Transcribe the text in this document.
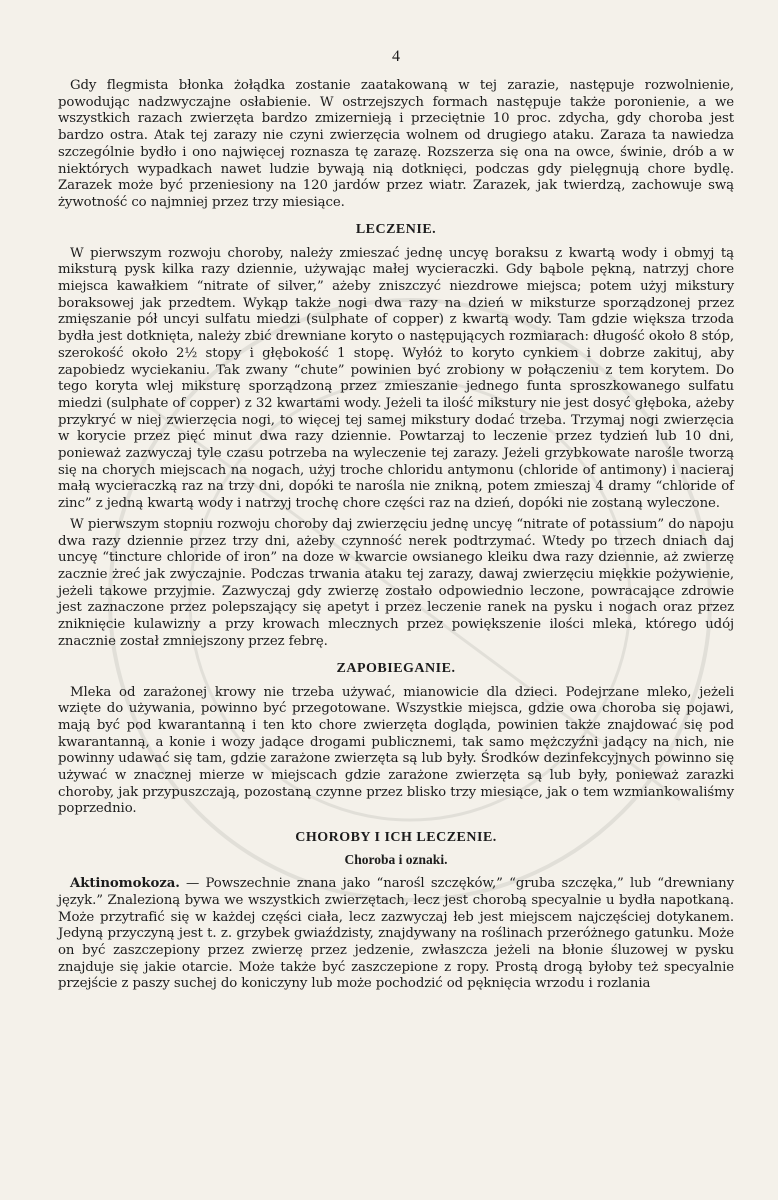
4

Gdy flegmista błonka żołądka zostanie zaatakowaną w tej zarazie, następuje rozwolnienie, powodując nadzwyczajne osłabienie. W ostrzejszych formach następuje także poronienie, a we wszystkich razach zwierzęta bardzo zmizernieją i przeciętnie 10 proc. zdycha, gdy choroba jest bardzo ostra. Atak tej zarazy nie czyni zwierzęcia wolnem od drugiego ataku. Zaraza ta nawiedza szczególnie bydło i ono najwięcej roznasza tę zarazę. Rozszerza się ona na owce, świnie, drób a w niektórych wypadkach nawet ludzie bywają nią dotknięci, podczas gdy pielęgnują chore bydlę. Zarazek może być przeniesiony na 120 jardów przez wiatr. Zarazek, jak twierdzą, zachowuje swą żywotność co najmniej przez trzy miesiące.

LECZENIE.

W pierwszym rozwoju choroby, należy zmieszać jednę uncyę boraksu z kwartą wody i obmyj tą miksturą pysk kilka razy dziennie, używając małej wycieraczki. Gdy bąbole pękną, natrzyj chore miejsca kawałkiem “nitrate of silver,” ażeby zniszczyć niezdrowe miejsca; potem użyj mikstury boraksowej jak przedtem. Wykąp także nogi dwa razy na dzień w miksturze sporządzonej przez zmięszanie pół uncyi sulfatu miedzi (sulphate of copper) z kwartą wody. Tam gdzie większa trzoda bydła jest dotknięta, należy zbić drewniane koryto o następujących rozmiarach: długość około 8 stóp, szerokość około 2½ stopy i głębokość 1 stopę. Wyłóż to koryto cynkiem i dobrze zakituj, aby zapobiedz wyciekaniu. Tak zwany “chute” powinien być zrobiony w połączeniu z tem korytem. Do tego koryta wlej miksturę sporządzoną przez zmieszanie jednego funta sproszkowanego sulfatu miedzi (sulphate of copper) z 32 kwartami wody. Jeżeli ta ilość mikstury nie jest dosyć głęboka, ażeby przykryć w niej zwierzęcia nogi, to więcej tej samej mikstury dodać trzeba. Trzymaj nogi zwierzęcia w korycie przez pięć minut dwa razy dziennie. Powtarzaj to leczenie przez tydzień lub 10 dni, ponieważ zazwyczaj tyle czasu potrzeba na wyleczenie tej zarazy. Jeżeli grzybkowate narośle tworzą się na chorych miejscach na nogach, użyj troche chloridu antymonu (chloride of antimony) i nacieraj małą wycieraczką raz na trzy dni, dopóki te narośla nie znikną, potem zmieszaj 4 dramy “chloride of zinc” z jedną kwartą wody i natrzyj trochę chore części raz na dzień, dopóki nie zostaną wyleczone.

W pierwszym stopniu rozwoju choroby daj zwierzęciu jednę uncyę “nitrate of potassium” do napoju dwa razy dziennie przez trzy dni, ażeby czynność nerek podtrzymać. Wtedy po trzech dniach daj uncyę “tincture chloride of iron” na doze w kwarcie owsianego kleiku dwa razy dziennie, aż zwierzę zacznie żreć jak zwyczajnie. Podczas trwania ataku tej zarazy, dawaj zwierzęciu miękkie pożywienie, jeżeli takowe przyjmie. Zazwyczaj gdy zwierzę zostało odpowiednio leczone, powracające zdrowie jest zaznaczone przez polepszający się apetyt i przez leczenie ranek na pysku i nogach oraz przez zniknięcie kulawizny a przy krowach mlecznych przez powiększenie ilości mleka, którego udój znacznie został zmniejszony przez febrę.

ZAPOBIEGANIE.

Mleka od zarażonej krowy nie trzeba używać, mianowicie dla dzieci. Podejrzane mleko, jeżeli wzięte do używania, powinno być przegotowane. Wszystkie miejsca, gdzie owa choroba się pojawi, mają być pod kwarantanną i ten kto chore zwierzęta dogląda, powinien także znajdować się pod kwarantanną, a konie i wozy jadące drogami publicznemi, tak samo mężczyźni jadący na nich, nie powinny udawać się tam, gdzie zarażone zwierzęta są lub były. Środków dezinfekcyjnych powinno się używać w znacznej mierze w miejscach gdzie zarażone zwierzęta są lub były, ponieważ zarazki choroby, jak przypuszczają, pozostaną czynne przez blisko trzy miesiące, jak o tem wzmiankowaliśmy poprzednio.

CHOROBY I ICH LECZENIE.
Choroba i oznaki.

Aktinomokoza. — Powszechnie znana jako “narośl szczęków,” “gruba szczęka,” lub “drewniany język.” Znalezioną bywa we wszystkich zwierzętach, lecz jest chorobą specyalnie u bydła napotkaną. Może przytrafić się w każdej części ciała, lecz zazwyczaj łeb jest miejscem najczęściej dotykanem. Jedyną przyczyną jest t. z. grzybek gwiaździsty, znajdywany na roślinach przeróżnego gatunku. Może on być zaszczepiony przez zwierzę przez jedzenie, zwłaszcza jeżeli na błonie śluzowej w pysku znajduje się jakie otarcie. Może także być zaszczepione z ropy. Prostą drogą byłoby też specyalnie przejście z paszy suchej do koniczyny lub może pochodzić od pęknięcia wrzodu i rozlania
